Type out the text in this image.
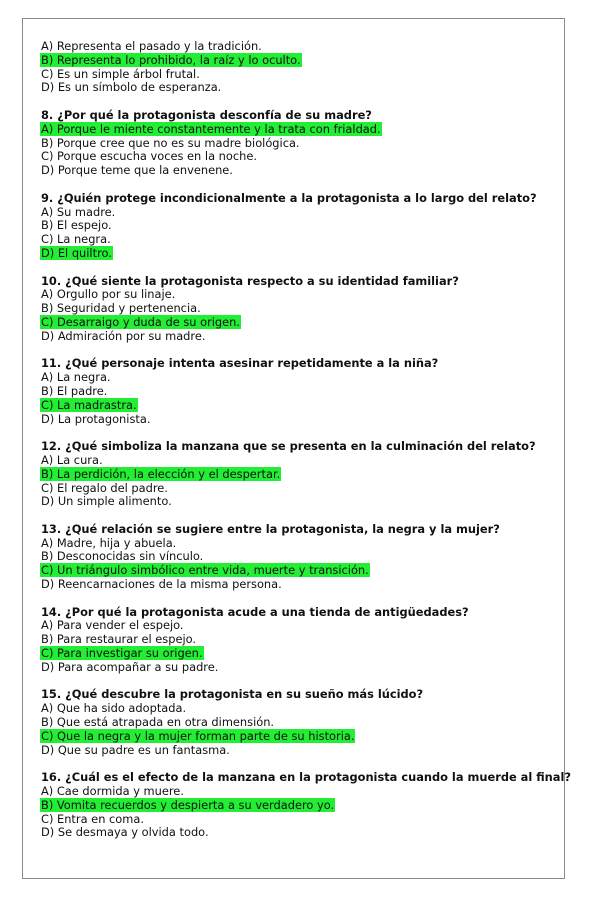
A) Representa el pasado y la tradición.
B) Representa lo prohibido, la raíz y lo oculto.
C) Es un simple árbol frutal.
D) Es un símbolo de esperanza.
8. ¿Por qué la protagonista desconfía de su madre?
A) Porque le miente constantemente y la trata con frialdad.
B) Porque cree que no es su madre biológica.
C) Porque escucha voces en la noche.
D) Porque teme que la envenene.
9. ¿Quién protege incondicionalmente a la protagonista a lo largo del relato?
A) Su madre.
B) El espejo.
C) La negra.
D) El quiltro.
10. ¿Qué siente la protagonista respecto a su identidad familiar?
A) Orgullo por su linaje.
B) Seguridad y pertenencia.
C) Desarraigo y duda de su origen.
D) Admiración por su madre.
11. ¿Qué personaje intenta asesinar repetidamente a la niña?
A) La negra.
B) El padre.
C) La madrastra.
D) La protagonista.
12. ¿Qué simboliza la manzana que se presenta en la culminación del relato?
A) La cura.
B) La perdición, la elección y el despertar.
C) El regalo del padre.
D) Un simple alimento.
13. ¿Qué relación se sugiere entre la protagonista, la negra y la mujer?
A) Madre, hija y abuela.
B) Desconocidas sin vínculo.
C) Un triángulo simbólico entre vida, muerte y transición.
D) Reencarnaciones de la misma persona.
14. ¿Por qué la protagonista acude a una tienda de antigüedades?
A) Para vender el espejo.
B) Para restaurar el espejo.
C) Para investigar su origen.
D) Para acompañar a su padre.
15. ¿Qué descubre la protagonista en su sueño más lúcido?
A) Que ha sido adoptada.
B) Que está atrapada en otra dimensión.
C) Que la negra y la mujer forman parte de su historia.
D) Que su padre es un fantasma.
16. ¿Cuál es el efecto de la manzana en la protagonista cuando la muerde al final?
A) Cae dormida y muere.
B) Vomita recuerdos y despierta a su verdadero yo.
C) Entra en coma.
D) Se desmaya y olvida todo.
